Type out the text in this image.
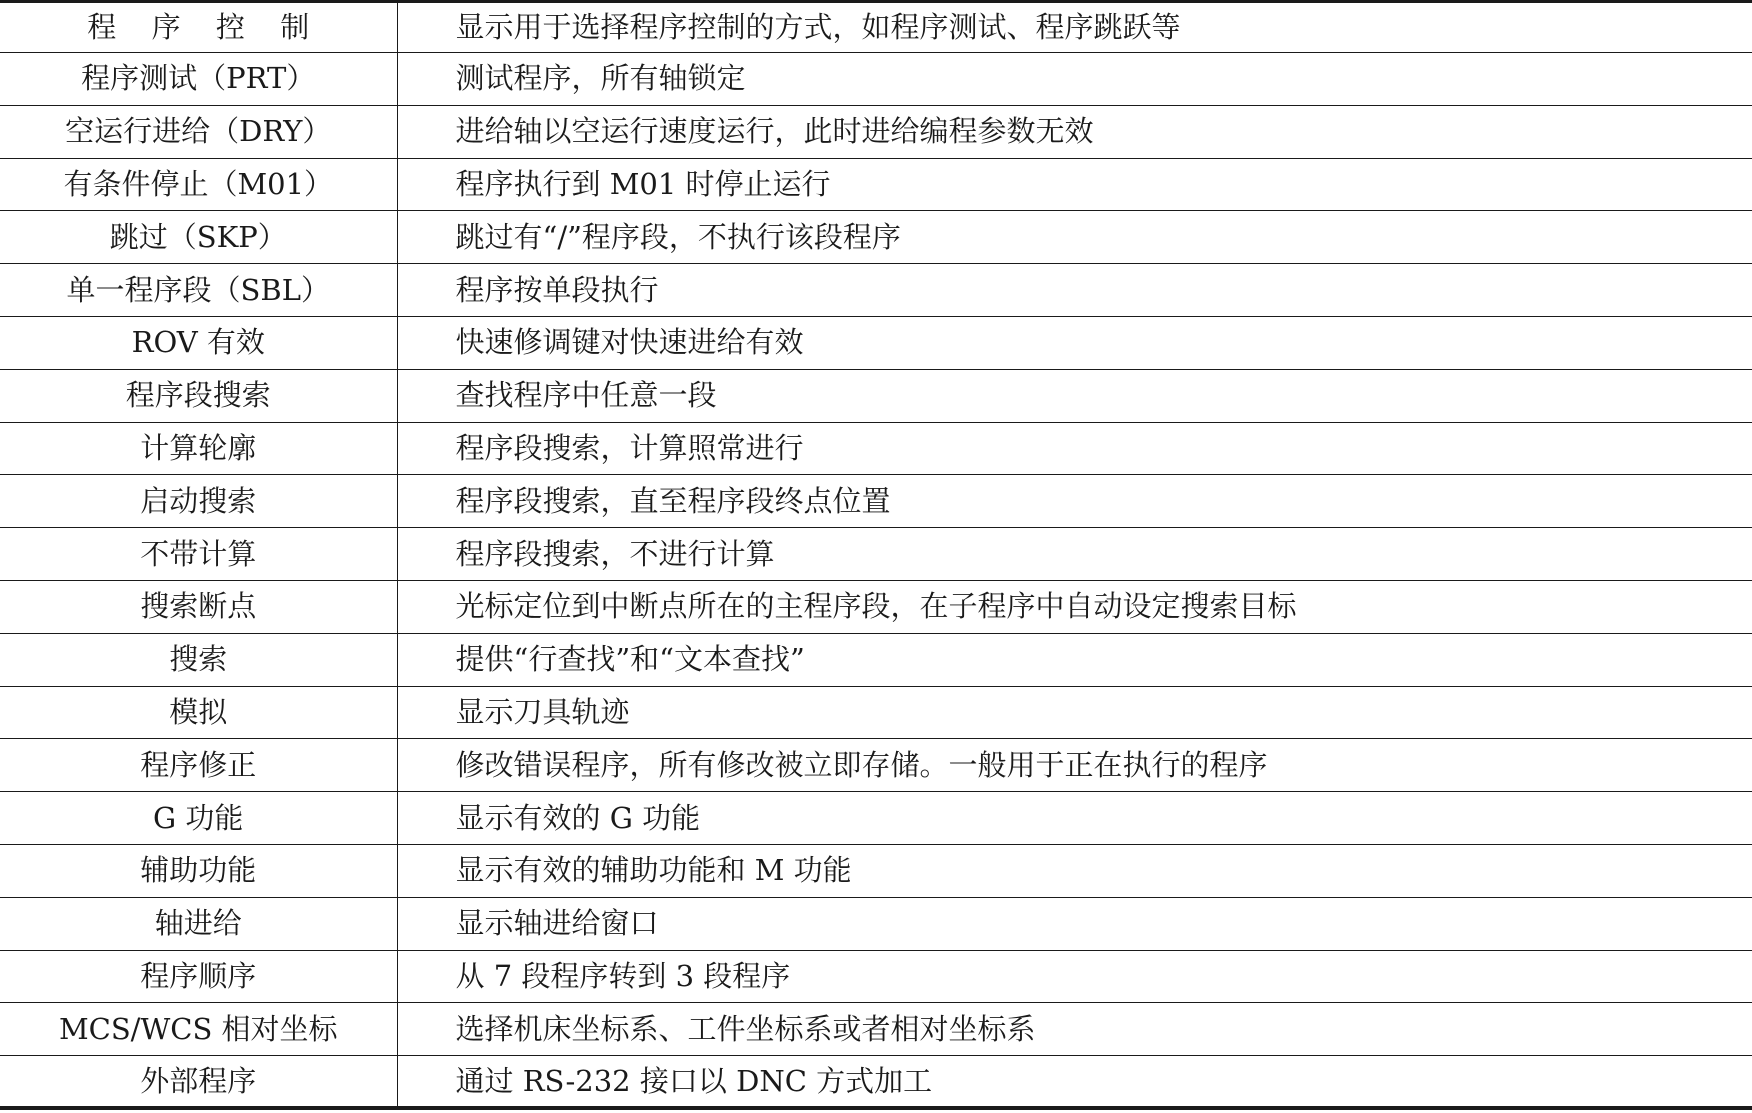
程 序 控 制	显示用于选择程序控制的方式，如程序测试、程序跳跃等
程序测试（PRT）	测试程序，所有轴锁定
空运行进给（DRY）	进给轴以空运行速度运行，此时进给编程参数无效
有条件停止（M01）	程序执行到 M01 时停止运行
跳过（SKP）	跳过有“/”程序段，不执行该段程序
单一程序段（SBL）	程序按单段执行
ROV 有效	快速修调键对快速进给有效
程序段搜索	查找程序中任意一段
计算轮廓	程序段搜索，计算照常进行
启动搜索	程序段搜索，直至程序段终点位置
不带计算	程序段搜索，不进行计算
搜索断点	光标定位到中断点所在的主程序段，在子程序中自动设定搜索目标
搜索	提供“行查找”和“文本查找”
模拟	显示刀具轨迹
程序修正	修改错误程序，所有修改被立即存储。一般用于正在执行的程序
G 功能	显示有效的 G 功能
辅助功能	显示有效的辅助功能和 M 功能
轴进给	显示轴进给窗口
程序顺序	从 7 段程序转到 3 段程序
MCS/WCS 相对坐标	选择机床坐标系、工件坐标系或者相对坐标系
外部程序	通过 RS-232 接口以 DNC 方式加工
